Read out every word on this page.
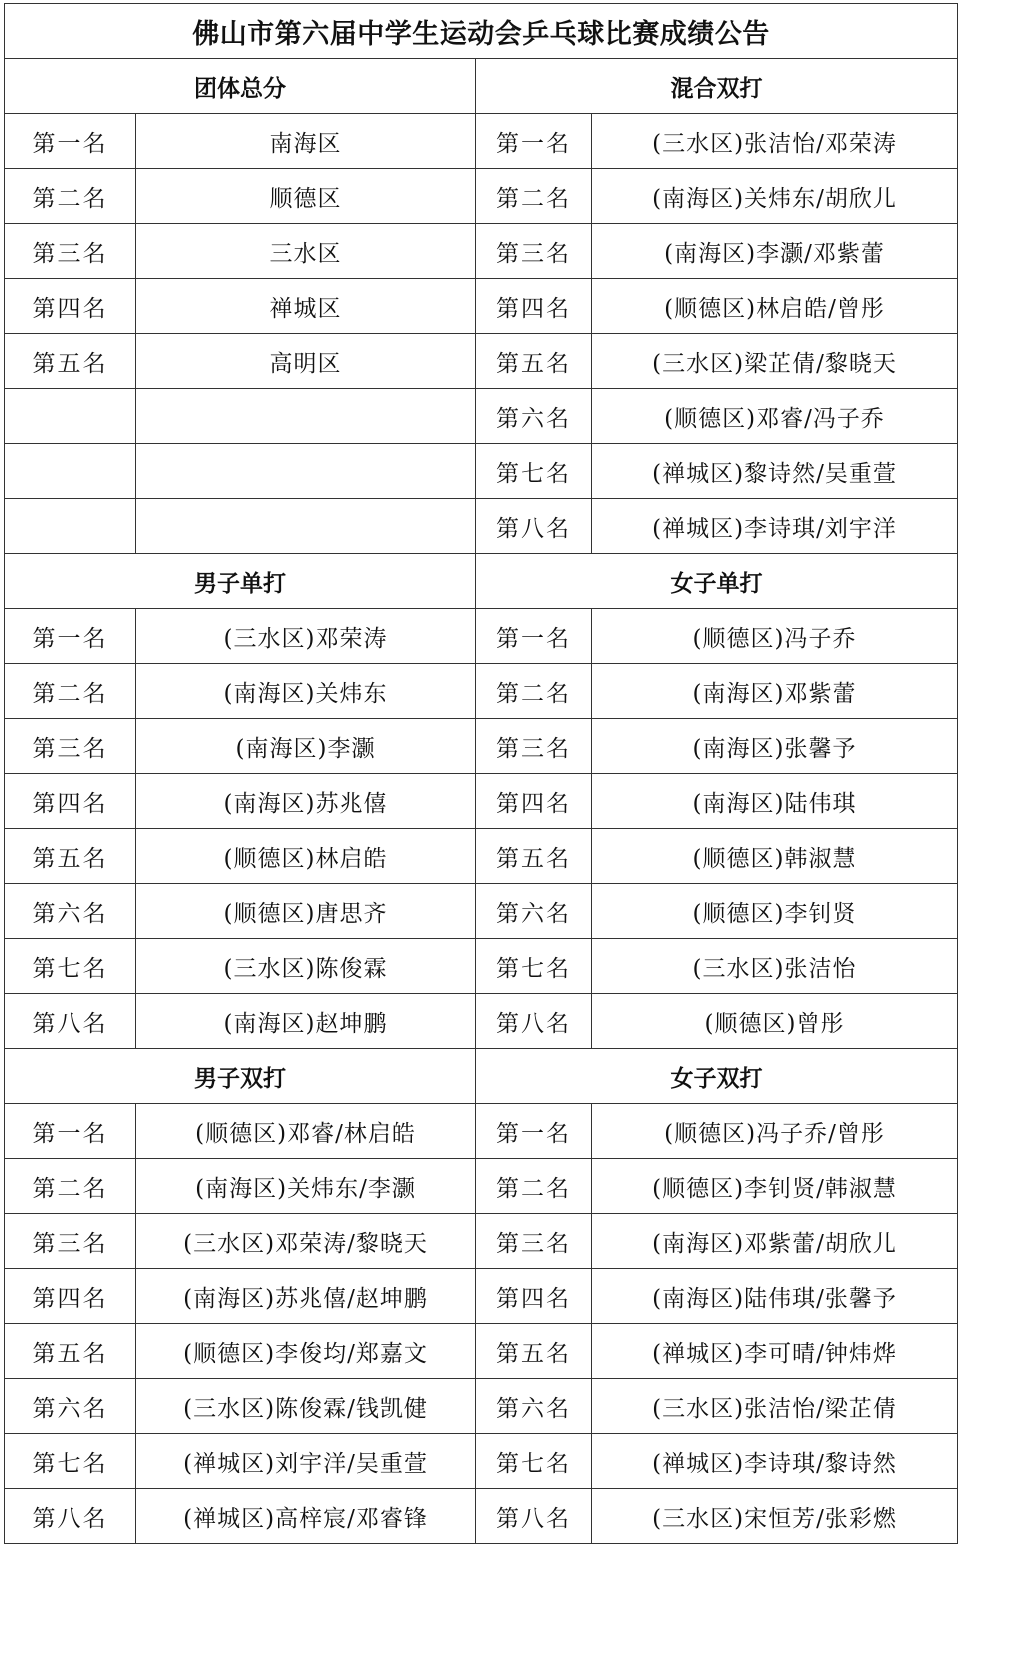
佛山市第六届中学生运动会乒乓球比赛成绩公告			
团体总分		混合双打	
第一名	南海区	第一名	(三水区)张洁怡/邓荣涛
第二名	顺德区	第二名	(南海区)关炜东/胡欣儿
第三名	三水区	第三名	(南海区)李灏/邓紫蕾
第四名	禅城区	第四名	(顺德区)林启皓/曾彤
第五名	高明区	第五名	(三水区)梁芷倩/黎晓天
		第六名	(顺德区)邓睿/冯子乔
		第七名	(禅城区)黎诗然/吴重萱
		第八名	(禅城区)李诗琪/刘宇洋
男子单打		女子单打	
第一名	(三水区)邓荣涛	第一名	(顺德区)冯子乔
第二名	(南海区)关炜东	第二名	(南海区)邓紫蕾
第三名	(南海区)李灏	第三名	(南海区)张馨予
第四名	(南海区)苏兆僖	第四名	(南海区)陆伟琪
第五名	(顺德区)林启皓	第五名	(顺德区)韩淑慧
第六名	(顺德区)唐思齐	第六名	(顺德区)李钊贤
第七名	(三水区)陈俊霖	第七名	(三水区)张洁怡
第八名	(南海区)赵坤鹏	第八名	(顺德区)曾彤
男子双打		女子双打	
第一名	(顺德区)邓睿/林启皓	第一名	(顺德区)冯子乔/曾彤
第二名	(南海区)关炜东/李灏	第二名	(顺德区)李钊贤/韩淑慧
第三名	(三水区)邓荣涛/黎晓天	第三名	(南海区)邓紫蕾/胡欣儿
第四名	(南海区)苏兆僖/赵坤鹏	第四名	(南海区)陆伟琪/张馨予
第五名	(顺德区)李俊均/郑嘉文	第五名	(禅城区)李可晴/钟炜烨
第六名	(三水区)陈俊霖/钱凯健	第六名	(三水区)张洁怡/梁芷倩
第七名	(禅城区)刘宇洋/吴重萱	第七名	(禅城区)李诗琪/黎诗然
第八名	(禅城区)高梓宸/邓睿锋	第八名	(三水区)宋恒芳/张彩燃
